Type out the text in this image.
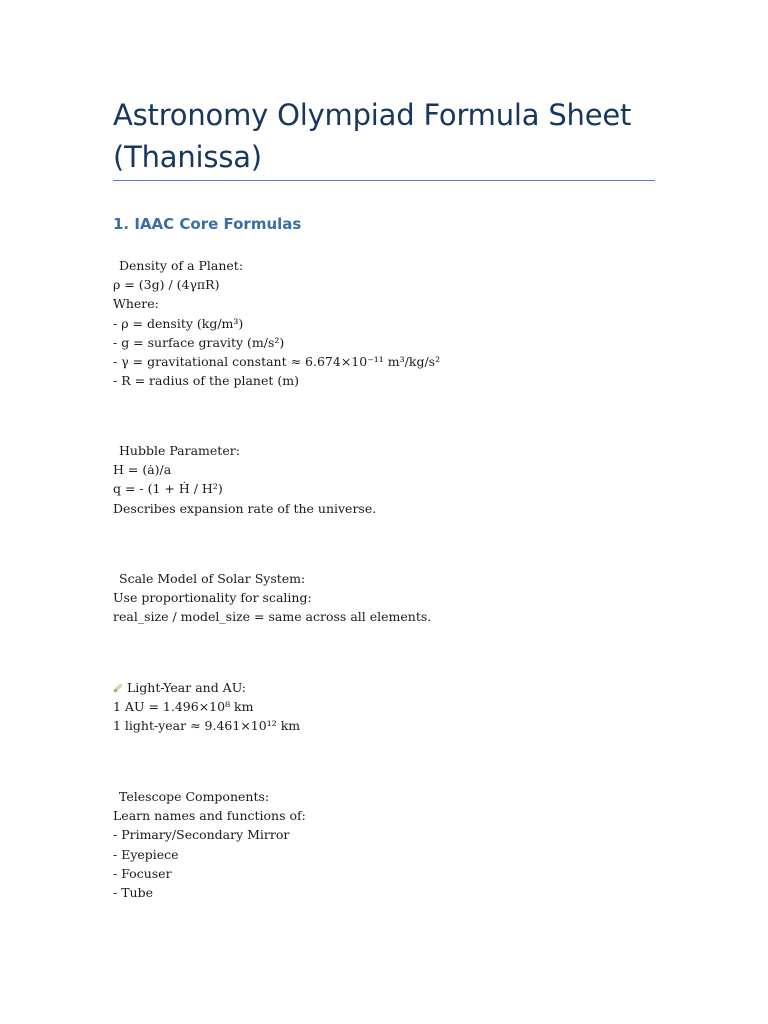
Astronomy Olympiad Formula Sheet (Thanissa)
1. IAAC Core Formulas
Density of a Planet:
ρ = (3g) / (4γπR)
Where:
- ρ = density (kg/m³)
- g = surface gravity (m/s²)
- γ = gravitational constant ≈ 6.674×10⁻¹¹ m³/kg/s²
- R = radius of the planet (m)
Hubble Parameter:
H = (ȧ)/a
q = - (1 + Ḣ / H²)
Describes expansion rate of the universe.
Scale Model of Solar System:
Use proportionality for scaling:
real_size / model_size = same across all elements.
Light-Year and AU:
1 AU = 1.496×10⁸ km
1 light-year ≈ 9.461×10¹² km
Telescope Components:
Learn names and functions of:
- Primary/Secondary Mirror
- Eyepiece
- Focuser
- Tube
